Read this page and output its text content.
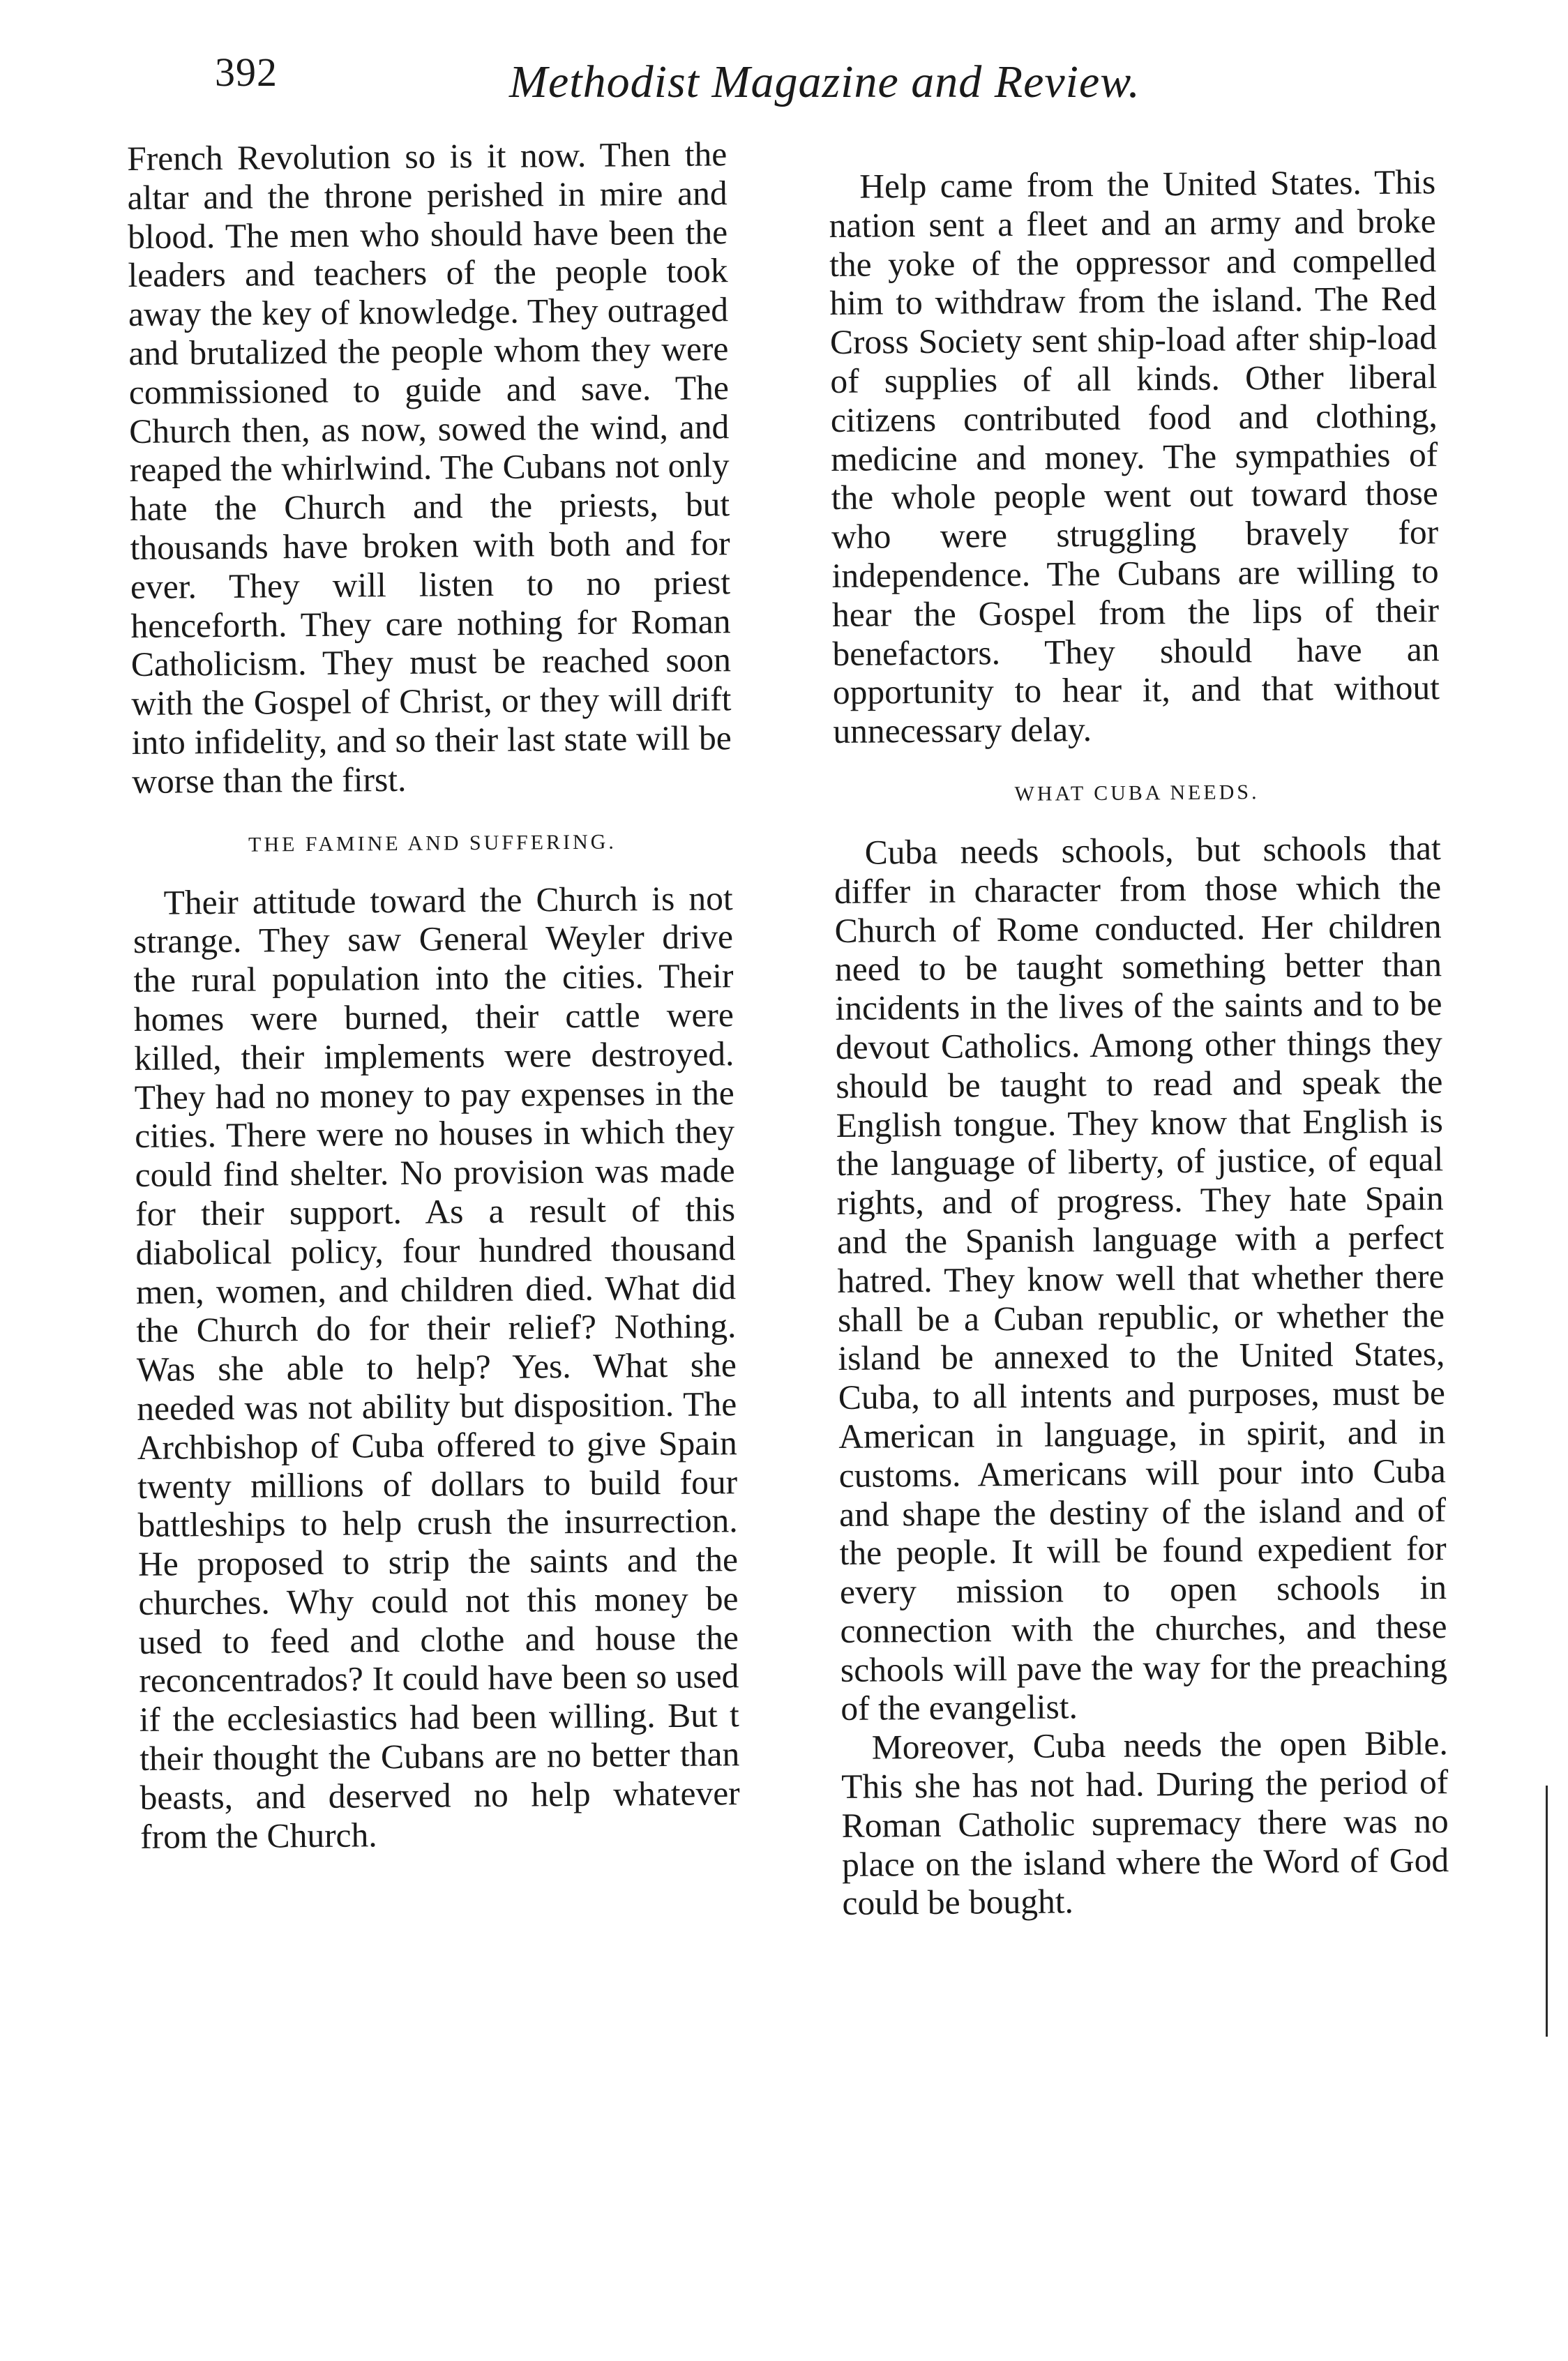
392	Methodist Magazine and Review.

French Revolution so is it now. Then the altar and the throne perished in mire and blood. The men who should have been the leaders and teachers of the people took away the key of knowledge. They outraged and brutalized the people whom they were commissioned to guide and save. The Church then, as now, sowed the wind, and reaped the whirlwind. The Cubans not only hate the Church and the priests, but thousands have broken with both and for ever. They will listen to no priest henceforth. They care nothing for Roman Catholicism. They must be reached soon with the Gospel of Christ, or they will drift into infidelity, and so their last state will be worse than the first.

THE FAMINE AND SUFFERING.

Their attitude toward the Church is not strange. They saw General Weyler drive the rural population into the cities. Their homes were burned, their cattle were killed, their implements were destroyed. They had no money to pay expenses in the cities. There were no houses in which they could find shelter. No provision was made for their support. As a result of this diabolical policy, four hundred thousand men, women, and children died. What did the Church do for their relief? Nothing. Was she able to help? Yes. What she needed was not ability but disposition. The Archbishop of Cuba offered to give Spain twenty millions of dollars to build four battleships to help crush the insurrection. He proposed to strip the saints and the churches. Why could not this money be used to feed and clothe and house the reconcentrados? It could have been so used if the ecclesiastics had been willing. But t their thought the Cubans are no better than beasts, and deserved no help whatever from the Church.

Help came from the United States. This nation sent a fleet and an army and broke the yoke of the oppressor and compelled him to withdraw from the island. The Red Cross Society sent ship-load after ship-load of supplies of all kinds. Other liberal citizens contributed food and clothing, medicine and money. The sympathies of the whole people went out toward those who were struggling bravely for independence. The Cubans are willing to hear the Gospel from the lips of their benefactors. They should have an opportunity to hear it, and that without unnecessary delay.

WHAT CUBA NEEDS.

Cuba needs schools, but schools that differ in character from those which the Church of Rome conducted. Her children need to be taught something better than incidents in the lives of the saints and to be devout Catholics. Among other things they should be taught to read and speak the English tongue. They know that English is the language of liberty, of justice, of equal rights, and of progress. They hate Spain and the Spanish language with a perfect hatred. They know well that whether there shall be a Cuban republic, or whether the island be annexed to the United States, Cuba, to all intents and purposes, must be American in language, in spirit, and in customs. Americans will pour into Cuba and shape the destiny of the island and of the people. It will be found expedient for every mission to open schools in connection with the churches, and these schools will pave the way for the preaching of the evangelist.

Moreover, Cuba needs the open Bible. This she has not had. During the period of Roman Catholic supremacy there was no place on the island where the Word of God could be bought.
